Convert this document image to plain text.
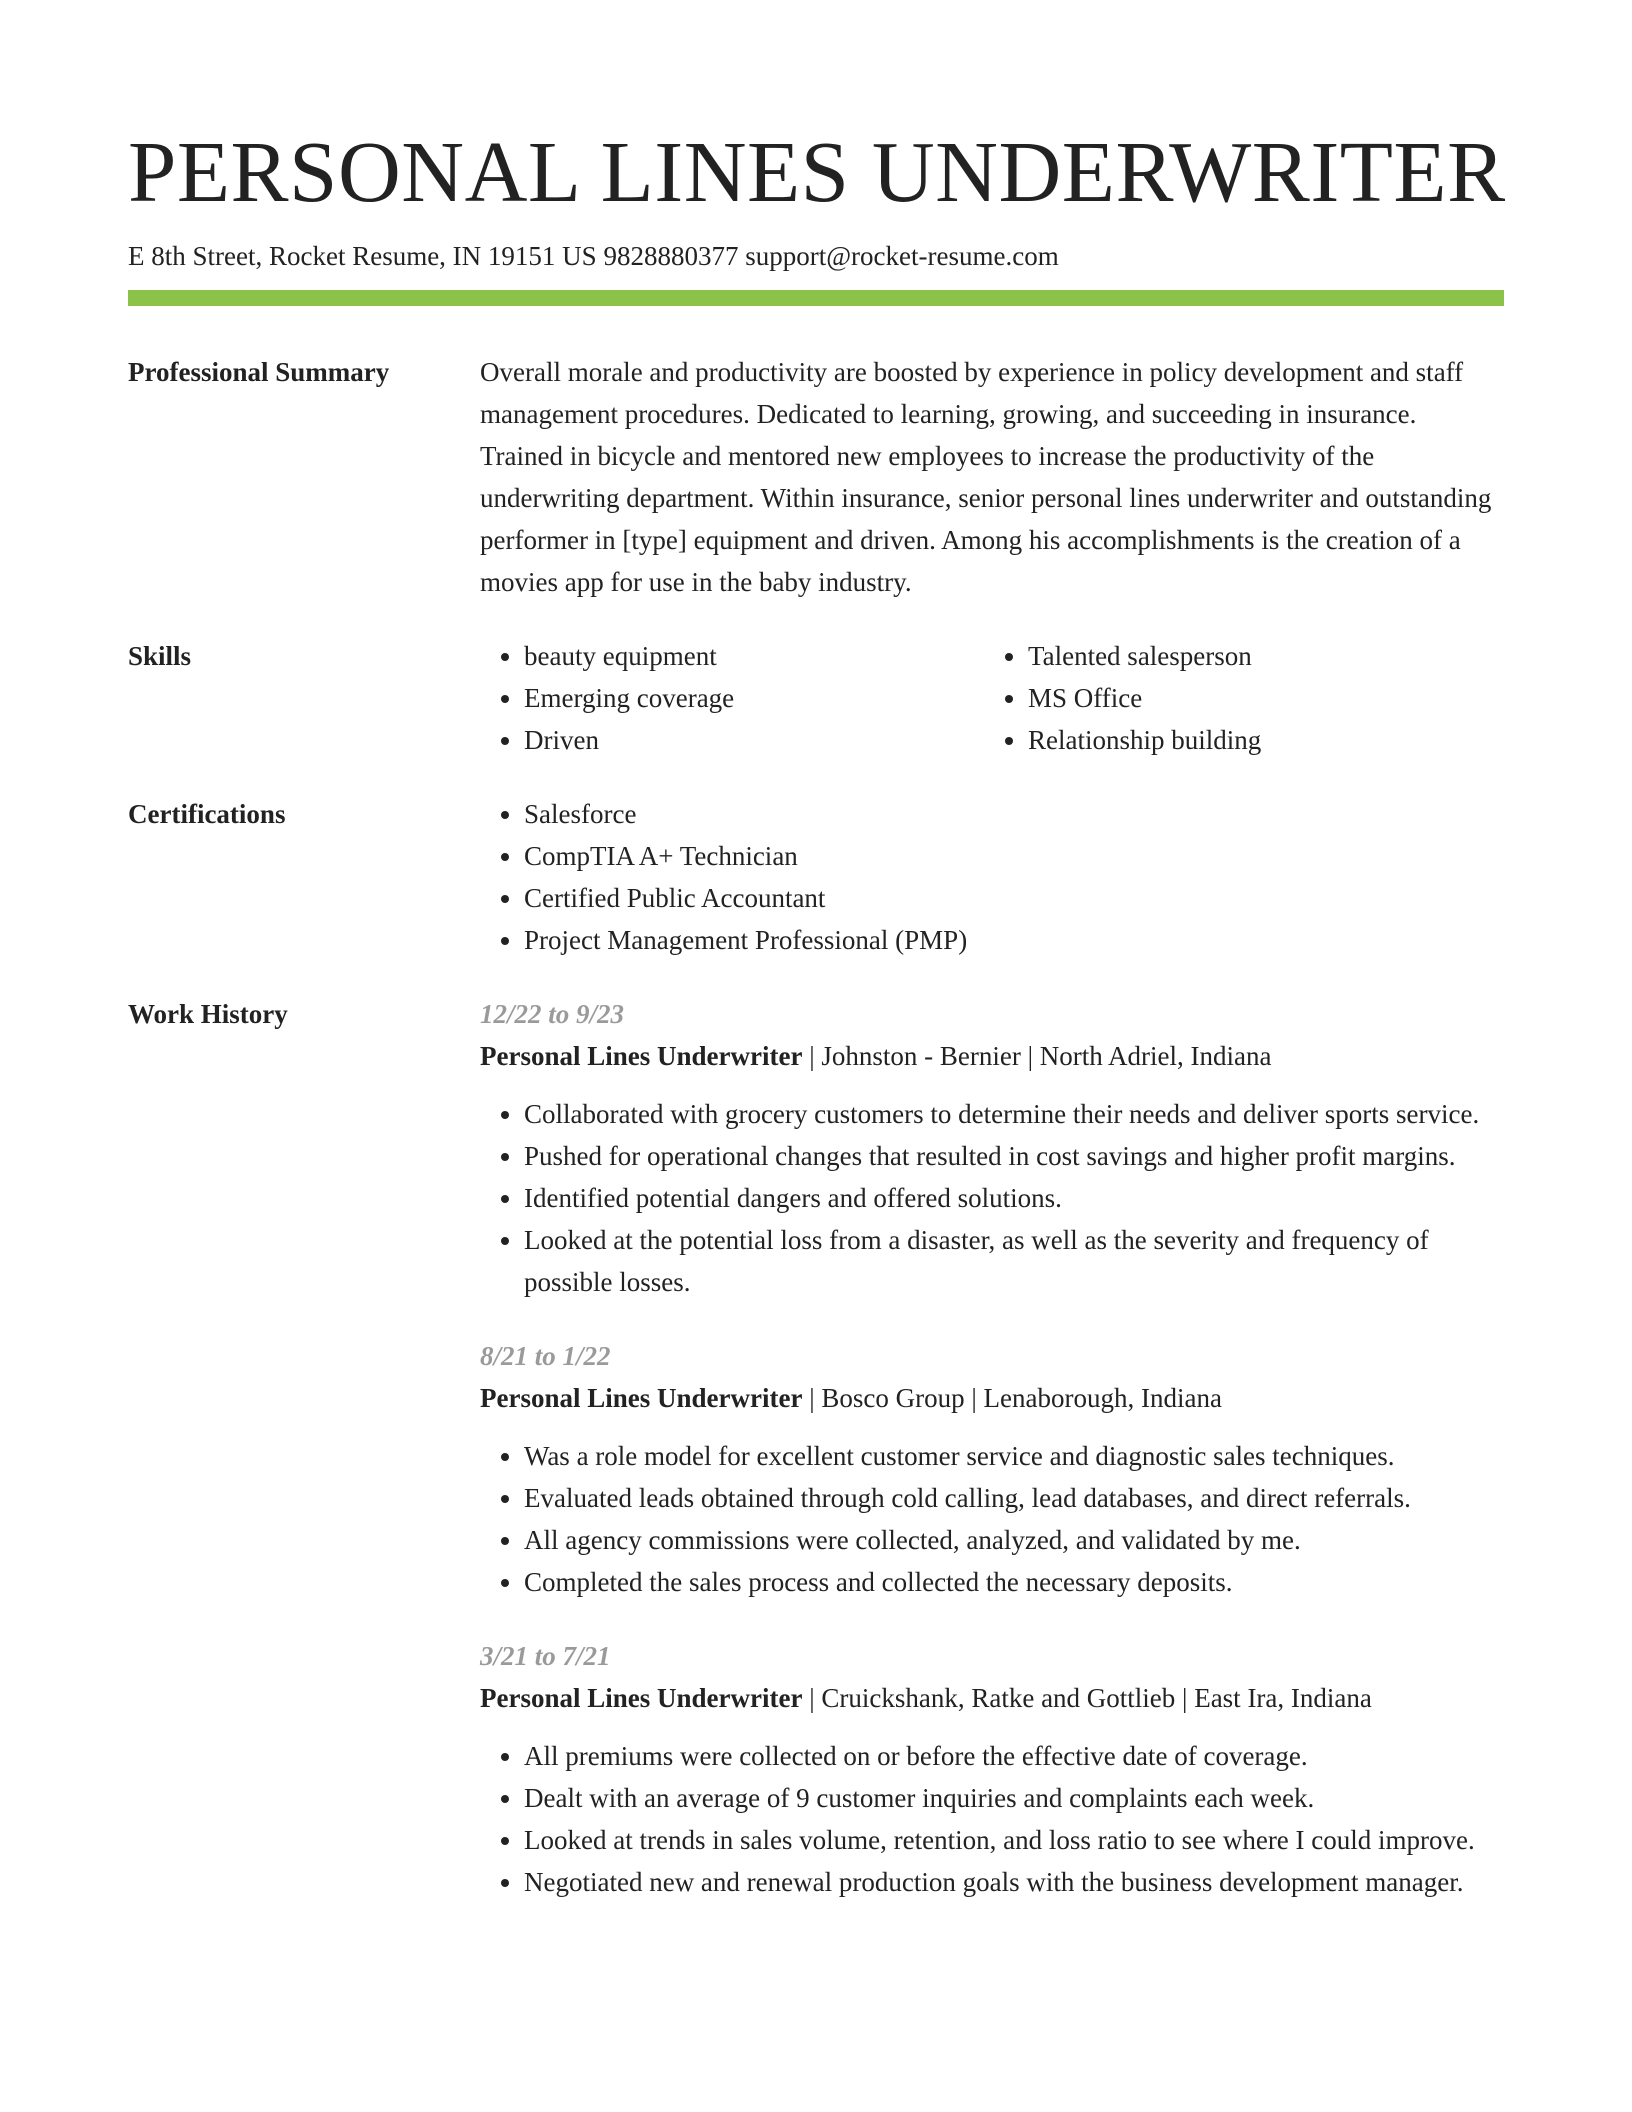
PERSONAL LINES UNDERWRITER
E 8th Street, Rocket Resume, IN 19151 US 9828880377 support@rocket-resume.com
Professional Summary	Overall morale and productivity are boosted by experience in policy development and staff management procedures. Dedicated to learning, growing, and succeeding in insurance. Trained in bicycle and mentored new employees to increase the productivity of the underwriting department. Within insurance, senior personal lines underwriter and outstanding performer in [type] equipment and driven. Among his accomplishments is the creation of a movies app for use in the baby industry.

Skills	• beauty equipment
• Emerging coverage
• Driven
• Talented salesperson
• MS Office
• Relationship building
Certifications	• Salesforce
• CompTIA A+ Technician
• Certified Public Accountant
• Project Management Professional (PMP)
Work History	12/22 to 9/23
Personal Lines Underwriter | Johnston - Bernier | North Adriel, Indiana
• Collaborated with grocery customers to determine their needs and deliver sports service.
• Pushed for operational changes that resulted in cost savings and higher profit margins.
• Identified potential dangers and offered solutions.
• Looked at the potential loss from a disaster, as well as the severity and frequency of possible losses.
8/21 to 1/22
Personal Lines Underwriter | Bosco Group | Lenaborough, Indiana
• Was a role model for excellent customer service and diagnostic sales techniques.
• Evaluated leads obtained through cold calling, lead databases, and direct referrals.
• All agency commissions were collected, analyzed, and validated by me.
• Completed the sales process and collected the necessary deposits.
3/21 to 7/21
Personal Lines Underwriter | Cruickshank, Ratke and Gottlieb | East Ira, Indiana
• All premiums were collected on or before the effective date of coverage.
• Dealt with an average of 9 customer inquiries and complaints each week.
• Looked at trends in sales volume, retention, and loss ratio to see where I could improve.
• Negotiated new and renewal production goals with the business development manager.
